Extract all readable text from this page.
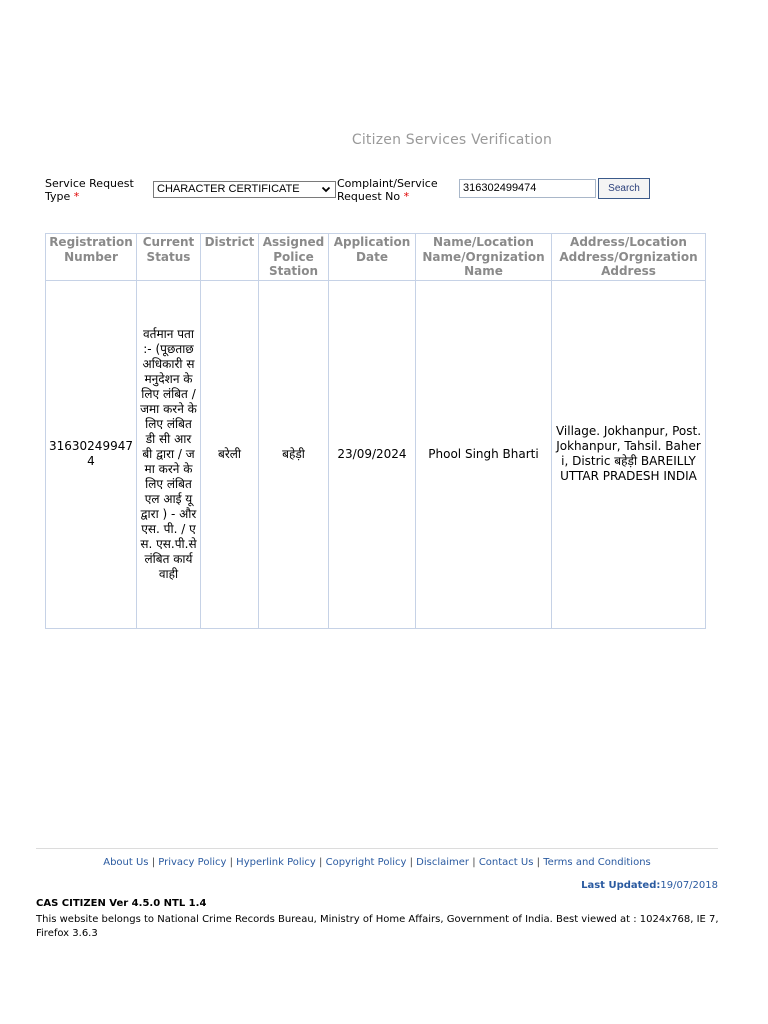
Citizen Services Verification
Service Request Type *
CHARACTER CERTIFICATE	Complaint/Service Request No *
316302499474	Search
Registration Number	Current Status	District	Assigned Police Station	Application Date	Name/Location Name/Orgnization Name	Address/Location Address/Orgnization Address
316302499474	वर्तमान पता :- (पूछताछ अधिकारी समनुदेशन के लिए लंबित / जमा करने के लिए लंबित डी सी आर बी द्वारा / जमा करने के लिए लंबित एल आई यू द्वारा ) - और एस. पी. / एस. एस.पी.से लंबित कार्यवाही	बरेली	बहेड़ी	23/09/2024	Phool Singh Bharti	Village. Jokhanpur, Post. Jokhanpur, Tahsil. Baheri, Distric बहेड़ी BAREILLY UTTAR PRADESH INDIA
About Us | Privacy Policy | Hyperlink Policy | Copyright Policy | Disclaimer | Contact Us | Terms and Conditions
Last Updated:19/07/2018
CAS CITIZEN Ver 4.5.0 NTL 1.4
This website belongs to National Crime Records Bureau, Ministry of Home Affairs, Government of India. Best viewed at : 1024x768, IE 7, Firefox 3.6.3
